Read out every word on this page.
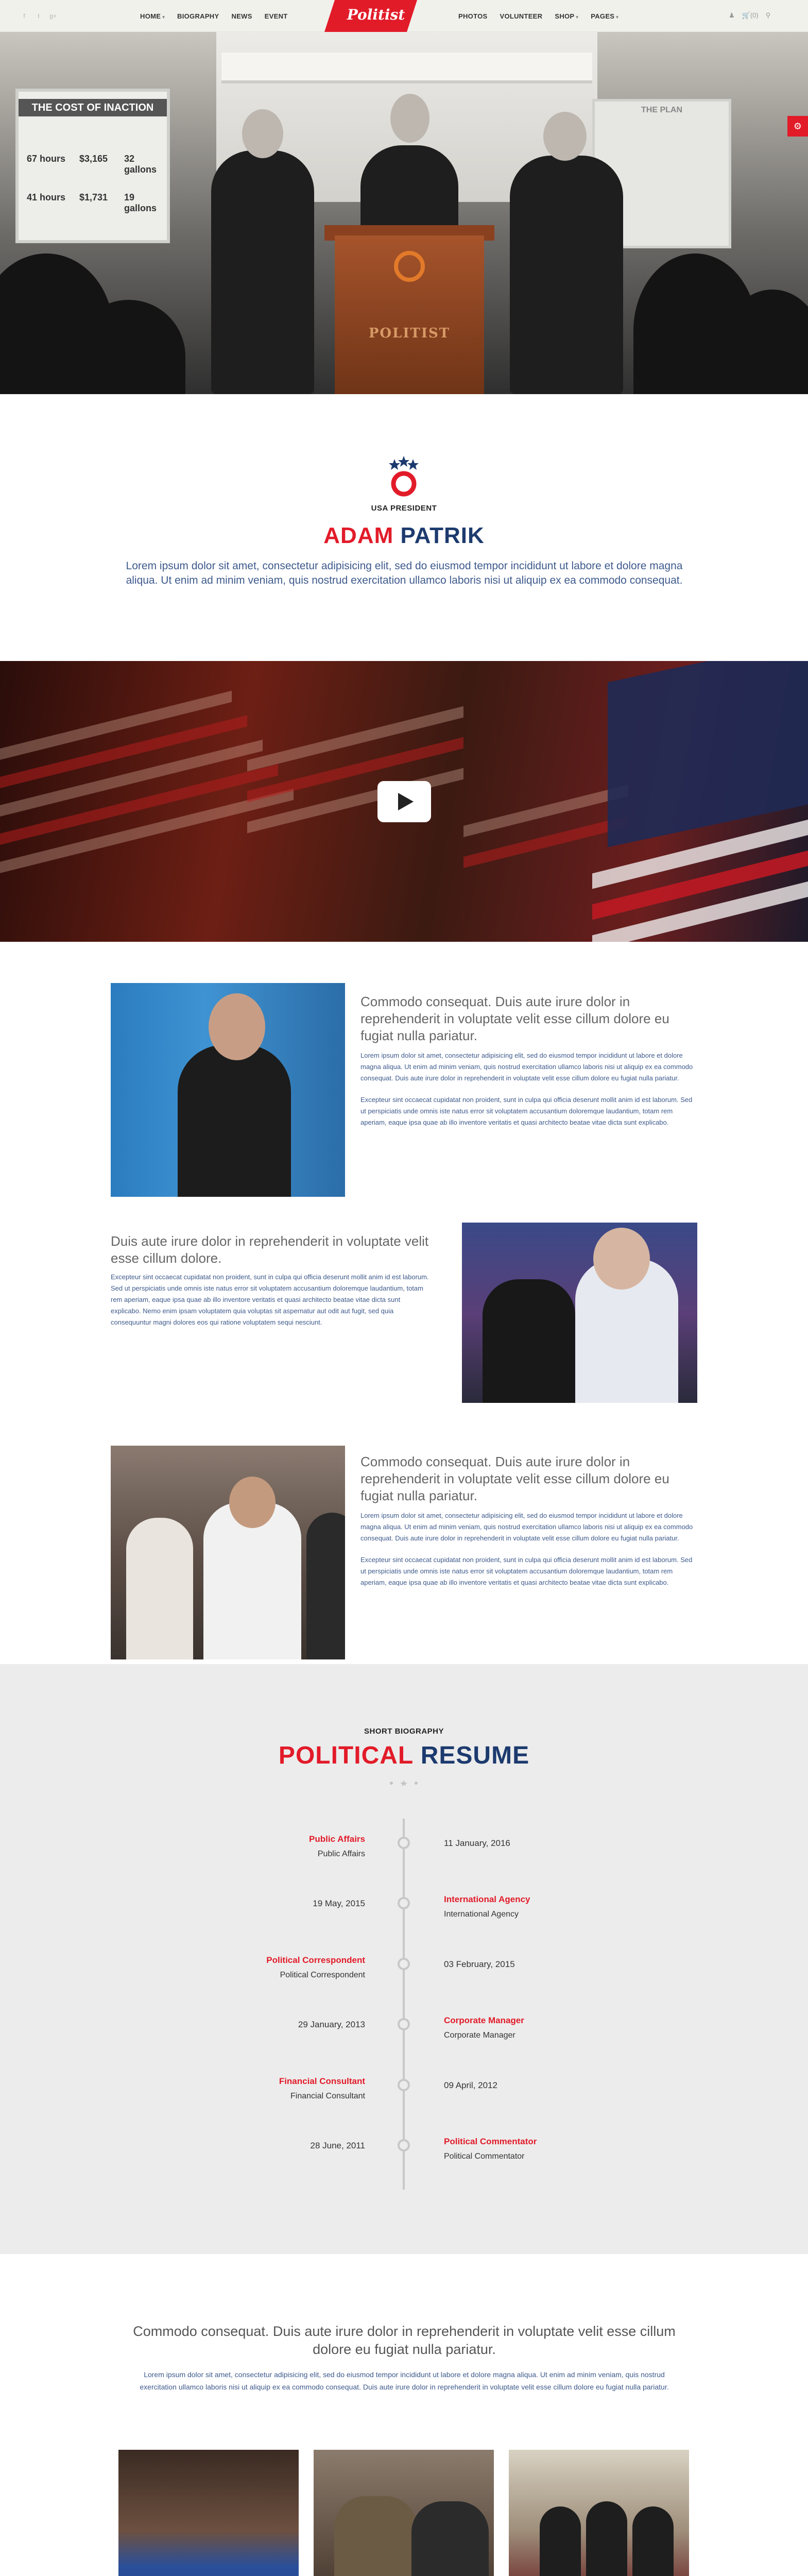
f	t	g+	HOME ▾ BIOGRAPHY NEWS EVENT	Politist	PHOTOS VOLUNTEER SHOP ▾ PAGES ▾	♟ 🛒(0) ⚲
THE COST OF INACTION
67 hours $3,165 32 gallons
41 hours $1,731 19 gallons
THE PLAN
POLITIST
⚙
USA PRESIDENT
ADAM PATRIK
Lorem ipsum dolor sit amet, consectetur adipisicing elit, sed do eiusmod tempor incididunt ut labore et dolore magna aliqua. Ut enim ad minim veniam, quis nostrud exercitation ullamco laboris nisi ut aliquip ex ea commodo consequat.
Commodo consequat. Duis aute irure dolor in reprehenderit in voluptate velit esse cillum dolore eu fugiat nulla pariatur.

Lorem ipsum dolor sit amet, consectetur adipisicing elit, sed do eiusmod tempor incididunt ut labore et dolore magna aliqua. Ut enim ad minim veniam, quis nostrud exercitation ullamco laboris nisi ut aliquip ex ea commodo consequat. Duis aute irure dolor in reprehenderit in voluptate velit esse cillum dolore eu fugiat nulla pariatur.

Excepteur sint occaecat cupidatat non proident, sunt in culpa qui officia deserunt mollit anim id est laborum. Sed ut perspiciatis unde omnis iste natus error sit voluptatem accusantium doloremque laudantium, totam rem aperiam, eaque ipsa quae ab illo inventore veritatis et quasi architecto beatae vitae dicta sunt explicabo.

Duis aute irure dolor in reprehenderit in voluptate velit esse cillum dolore.

Excepteur sint occaecat cupidatat non proident, sunt in culpa qui officia deserunt mollit anim id est laborum. Sed ut perspiciatis unde omnis iste natus error sit voluptatem accusantium doloremque laudantium, totam rem aperiam, eaque ipsa quae ab illo inventore veritatis et quasi architecto beatae vitae dicta sunt explicabo. Nemo enim ipsam voluptatem quia voluptas sit aspernatur aut odit aut fugit, sed quia consequuntur magni dolores eos qui ratione voluptatem sequi nesciunt.

Commodo consequat. Duis aute irure dolor in reprehenderit in voluptate velit esse cillum dolore eu fugiat nulla pariatur.

Lorem ipsum dolor sit amet, consectetur adipisicing elit, sed do eiusmod tempor incididunt ut labore et dolore magna aliqua. Ut enim ad minim veniam, quis nostrud exercitation ullamco laboris nisi ut aliquip ex ea commodo consequat. Duis aute irure dolor in reprehenderit in voluptate velit esse cillum dolore eu fugiat nulla pariatur.

Excepteur sint occaecat cupidatat non proident, sunt in culpa qui officia deserunt mollit anim id est laborum. Sed ut perspiciatis unde omnis iste natus error sit voluptatem accusantium doloremque laudantium, totam rem aperiam, eaque ipsa quae ab illo inventore veritatis et quasi architecto beatae vitae dicta sunt explicabo.

SHORT BIOGRAPHY
POLITICAL RESUME
Public Affairs
Public Affairs
11 January, 2016
19 May, 2015	International Agency
International Agency
Political Correspondent
Political Correspondent
03 February, 2015
29 January, 2013	Corporate Manager
Corporate Manager
Financial Consultant
Financial Consultant
09 April, 2012
28 June, 2011	Political Commentator
Political Commentator
Commodo consequat. Duis aute irure dolor in reprehenderit in voluptate velit esse cillum dolore eu fugiat nulla pariatur.
Lorem ipsum dolor sit amet, consectetur adipisicing elit, sed do eiusmod tempor incididunt ut labore et dolore magna aliqua. Ut enim ad minim veniam, quis nostrud exercitation ullamco laboris nisi ut aliquip ex ea commodo consequat. Duis aute irure dolor in reprehenderit in voluptate velit esse cillum dolore eu fugiat nulla pariatur.
